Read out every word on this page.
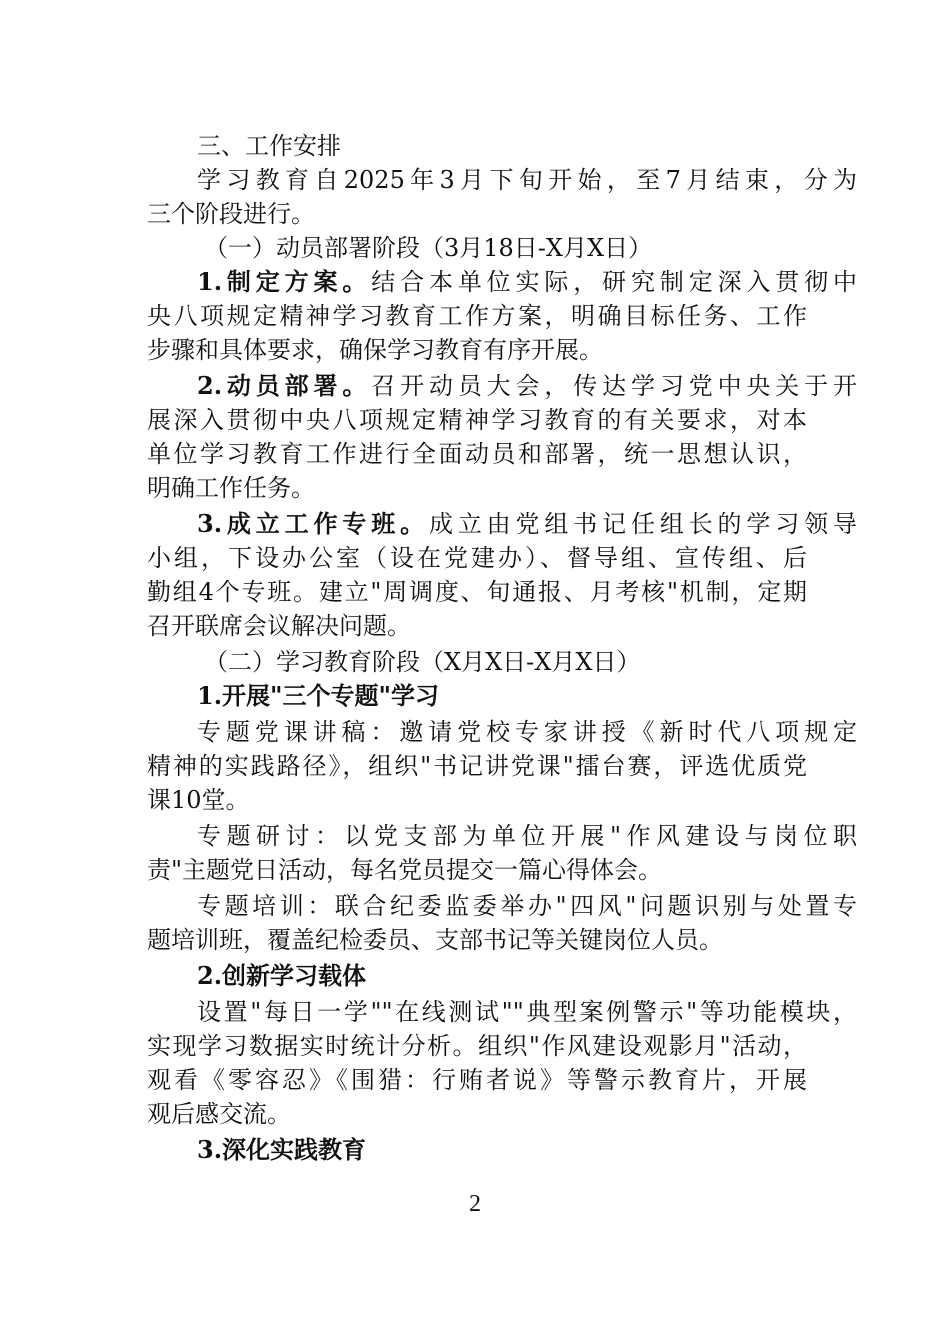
三、工作安排
学习教育自2025年3月下旬开始，至7月结束，分为
三个阶段进行。
（一）动员部署阶段（3月18日-X月X日）
1.制定方案。结合本单位实际，研究制定深入贯彻中
央八项规定精神学习教育工作方案，明确目标任务、工作
步骤和具体要求，确保学习教育有序开展。
2.动员部署。召开动员大会，传达学习党中央关于开
展深入贯彻中央八项规定精神学习教育的有关要求，对本
单位学习教育工作进行全面动员和部署，统一思想认识，
明确工作任务。
3.成立工作专班。成立由党组书记任组长的学习领导
小组，下设办公室（设在党建办）、督导组、宣传组、后
勤组4个专班。建立"周调度、旬通报、月考核"机制，定期
召开联席会议解决问题。
（二）学习教育阶段（X月X日-X月X日）
1.开展"三个专题"学习
专题党课讲稿：邀请党校专家讲授《新时代八项规定
精神的实践路径》，组织"书记讲党课"擂台赛，评选优质党
课10堂。
专题研讨：以党支部为单位开展"作风建设与岗位职
责"主题党日活动，每名党员提交一篇心得体会。
专题培训：联合纪委监委举办"四风"问题识别与处置专
题培训班，覆盖纪检委员、支部书记等关键岗位人员。
2.创新学习载体
设置"每日一学""在线测试""典型案例警示"等功能模块，
实现学习数据实时统计分析。组织"作风建设观影月"活动，
观看《零容忍》《围猎：行贿者说》等警示教育片，开展
观后感交流。
3.深化实践教育
2
